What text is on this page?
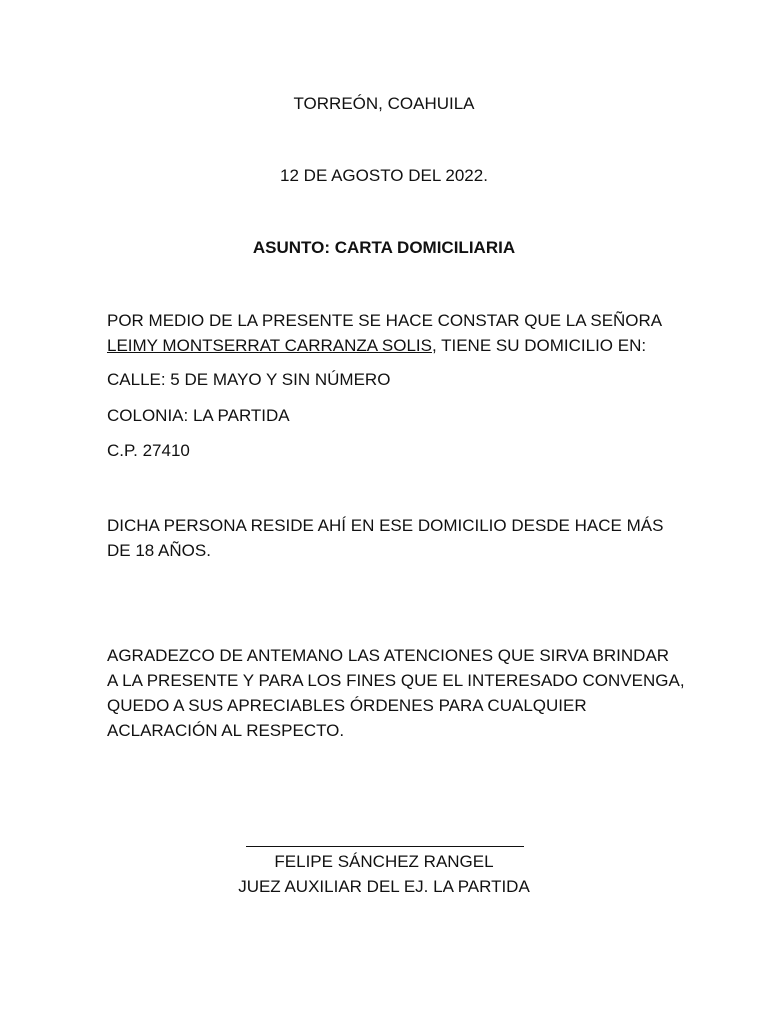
TORREÓN, COAHUILA
12 DE AGOSTO DEL 2022.
ASUNTO: CARTA DOMICILIARIA
POR MEDIO DE LA PRESENTE SE HACE CONSTAR QUE LA SEÑORA
LEIMY MONTSERRAT CARRANZA SOLIS, TIENE SU DOMICILIO EN:
CALLE: 5 DE MAYO Y SIN NÚMERO
COLONIA: LA PARTIDA
C.P. 27410
DICHA PERSONA RESIDE AHÍ EN ESE DOMICILIO DESDE HACE MÁS
DE 18 AÑOS.
AGRADEZCO DE ANTEMANO LAS ATENCIONES QUE SIRVA BRINDAR
A LA PRESENTE Y PARA LOS FINES QUE EL INTERESADO CONVENGA,
QUEDO A SUS APRECIABLES ÓRDENES PARA CUALQUIER
ACLARACIÓN AL RESPECTO.
FELIPE SÁNCHEZ RANGEL
JUEZ AUXILIAR DEL EJ. LA PARTIDA
